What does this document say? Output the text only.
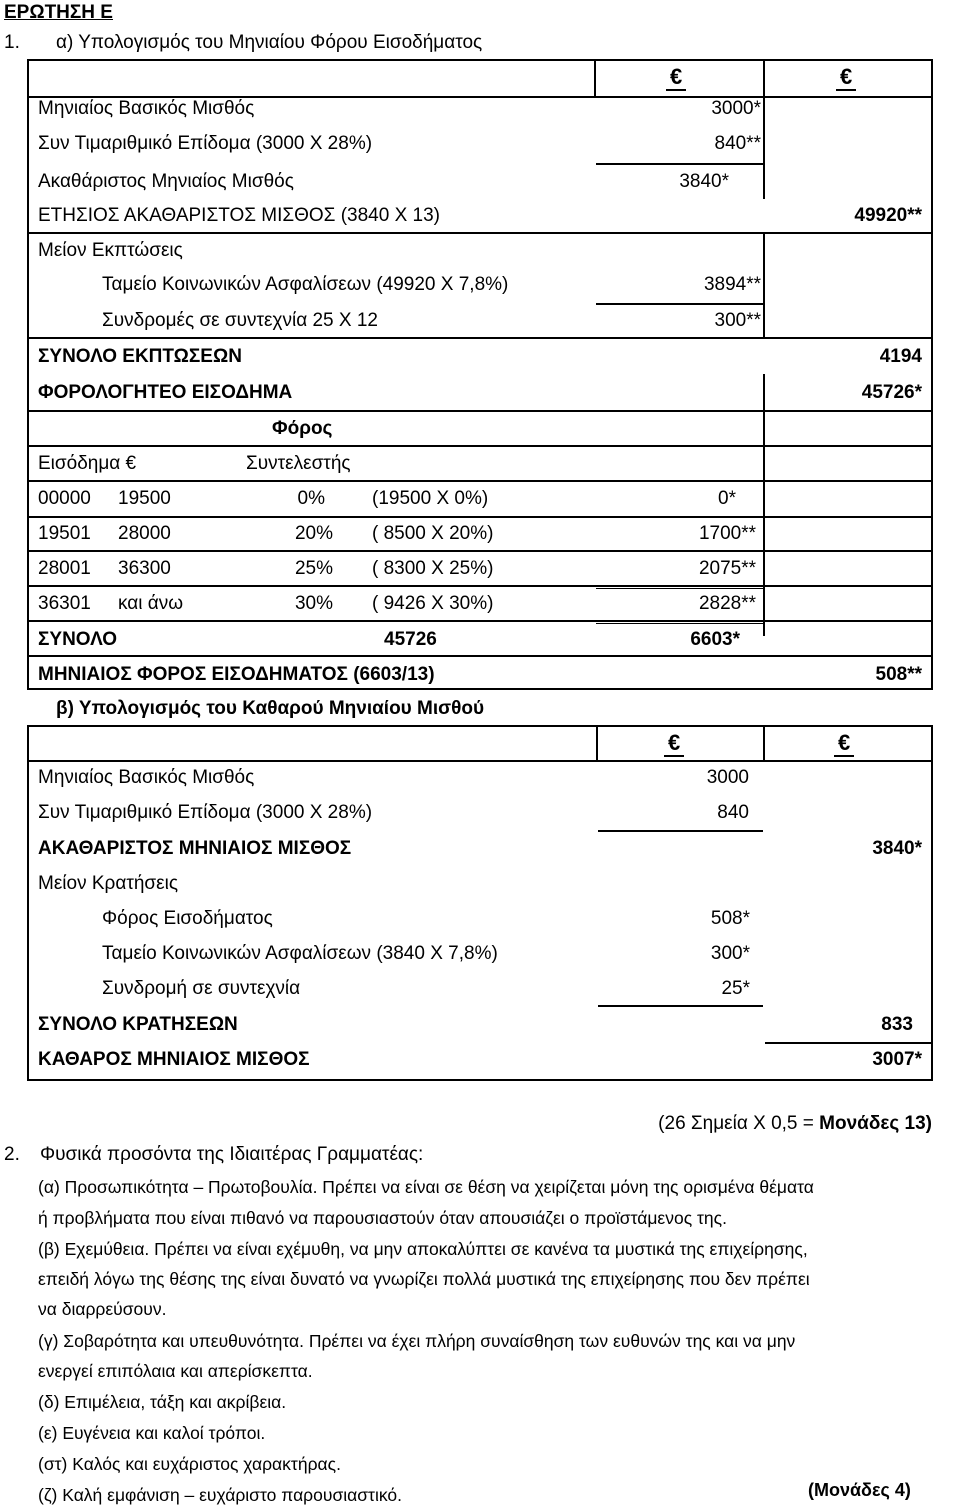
ΕΡΩΤΗΣΗ Ε
1. α) Υπολογισμός του Μηνιαίου Φόρου Εισοδήματος
€	€
Μηνιαίος Βασικός Μισθός	3000*
Συν Τιμαριθμικό Επίδομα (3000 Χ 28%)	840**
Ακαθάριστος Μηνιαίος Μισθός	3840*
ΕΤΗΣΙΟΣ ΑΚΑΘΑΡΙΣΤΟΣ ΜΙΣΘΟΣ (3840 Χ 13)	49920**
Μείον Εκπτώσεις
Ταμείο Κοινωνικών Ασφαλίσεων (49920 Χ 7,8%)	3894**
Συνδρομές σε συντεχνία 25 Χ 12	300**
ΣΥΝΟΛΟ ΕΚΠΤΩΣΕΩΝ	4194
ΦΟΡΟΛΟΓΗΤΕΟ ΕΙΣΟΔΗΜΑ	45726*
Φόρος
Εισόδημα €	Συντελεστής
00000 19500	0% (19500 Χ 0%)	0*
19501 28000	20% ( 8500 Χ 20%)	1700**
28001 36300	25% ( 8300 Χ 25%)	2075**
36301 και άνω	30% ( 9426 Χ 30%)	2828**
ΣΥΝΟΛΟ	45726	6603*
ΜΗΝΙΑΙΟΣ ΦΟΡΟΣ ΕΙΣΟΔΗΜΑΤΟΣ (6603/13)	508**
β) Υπολογισμός του Καθαρού Μηνιαίου Μισθού
€	€
Μηνιαίος Βασικός Μισθός	3000
Συν Τιμαριθμικό Επίδομα (3000 Χ 28%)	840
ΑΚΑΘΑΡΙΣΤΟΣ ΜΗΝΙΑΙΟΣ ΜΙΣΘΟΣ	3840*
Μείον Κρατήσεις
Φόρος Εισοδήματος	508*
Ταμείο Κοινωνικών Ασφαλίσεων (3840 Χ 7,8%)	300*
Συνδρομή σε συντεχνία	25*
ΣΥΝΟΛΟ ΚΡΑΤΗΣΕΩΝ	833
ΚΑΘΑΡΟΣ ΜΗΝΙΑΙΟΣ ΜΙΣΘΟΣ	3007*
(26 Σημεία Χ 0,5 = Μονάδες 13)
2. Φυσικά προσόντα της Ιδιαιτέρας Γραμματέας:
(α) Προσωπικότητα – Πρωτοβουλία. Πρέπει να είναι σε θέση να χειρίζεται μόνη της ορισμένα θέματα
ή προβλήματα που είναι πιθανό να παρουσιαστούν όταν απουσιάζει ο προϊστάμενος της.
(β) Εχεμύθεια. Πρέπει να είναι εχέμυθη, να μην αποκαλύπτει σε κανένα τα μυστικά της επιχείρησης,
επειδή λόγω της θέσης της είναι δυνατό να γνωρίζει πολλά μυστικά της επιχείρησης που δεν πρέπει
να διαρρεύσουν.
(γ) Σοβαρότητα και υπευθυνότητα. Πρέπει να έχει πλήρη συναίσθηση των ευθυνών της και να μην
ενεργεί επιπόλαια και απερίσκεπτα.
(δ) Επιμέλεια, τάξη και ακρίβεια.
(ε) Ευγένεια και καλοί τρόποι.
(στ) Καλός και ευχάριστος χαρακτήρας.
(ζ) Καλή εμφάνιση – ευχάριστο παρουσιαστικό.	(Μονάδες 4)
